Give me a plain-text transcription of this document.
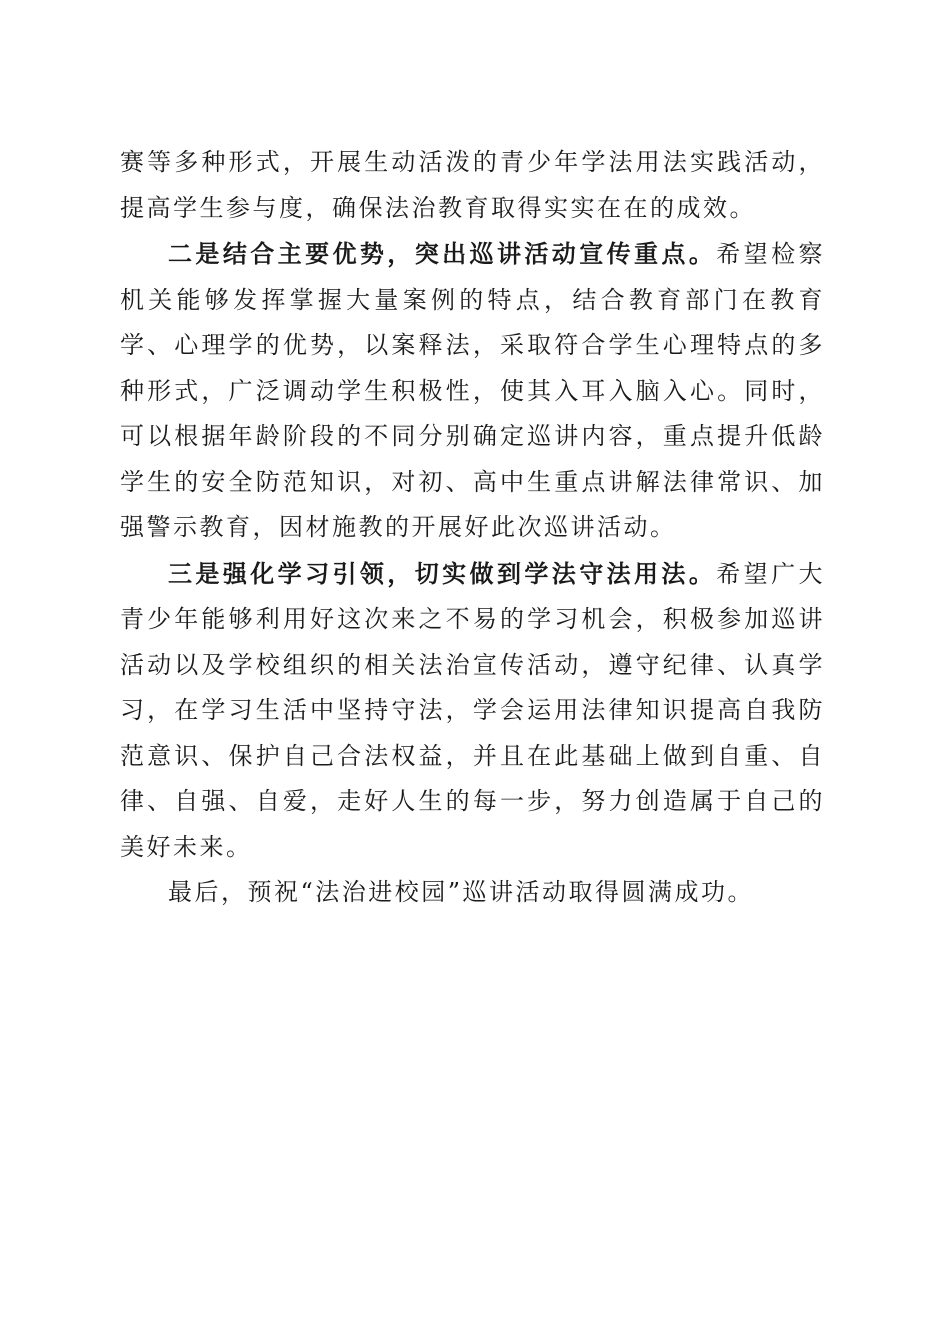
赛等多种形式，开展生动活泼的青少年学法用法实践活动，提高学生参与度，确保法治教育取得实实在在的成效。

二是结合主要优势，突出巡讲活动宣传重点。希望检察机关能够发挥掌握大量案例的特点，结合教育部门在教育学、心理学的优势，以案释法，采取符合学生心理特点的多种形式，广泛调动学生积极性，使其入耳入脑入心。同时，可以根据年龄阶段的不同分别确定巡讲内容，重点提升低龄学生的安全防范知识，对初、高中生重点讲解法律常识、加强警示教育，因材施教的开展好此次巡讲活动。

三是强化学习引领，切实做到学法守法用法。希望广大青少年能够利用好这次来之不易的学习机会，积极参加巡讲活动以及学校组织的相关法治宣传活动，遵守纪律、认真学习，在学习生活中坚持守法，学会运用法律知识提高自我防范意识、保护自己合法权益，并且在此基础上做到自重、自律、自强、自爱，走好人生的每一步，努力创造属于自己的美好未来。

最后，预祝“法治进校园”巡讲活动取得圆满成功。
